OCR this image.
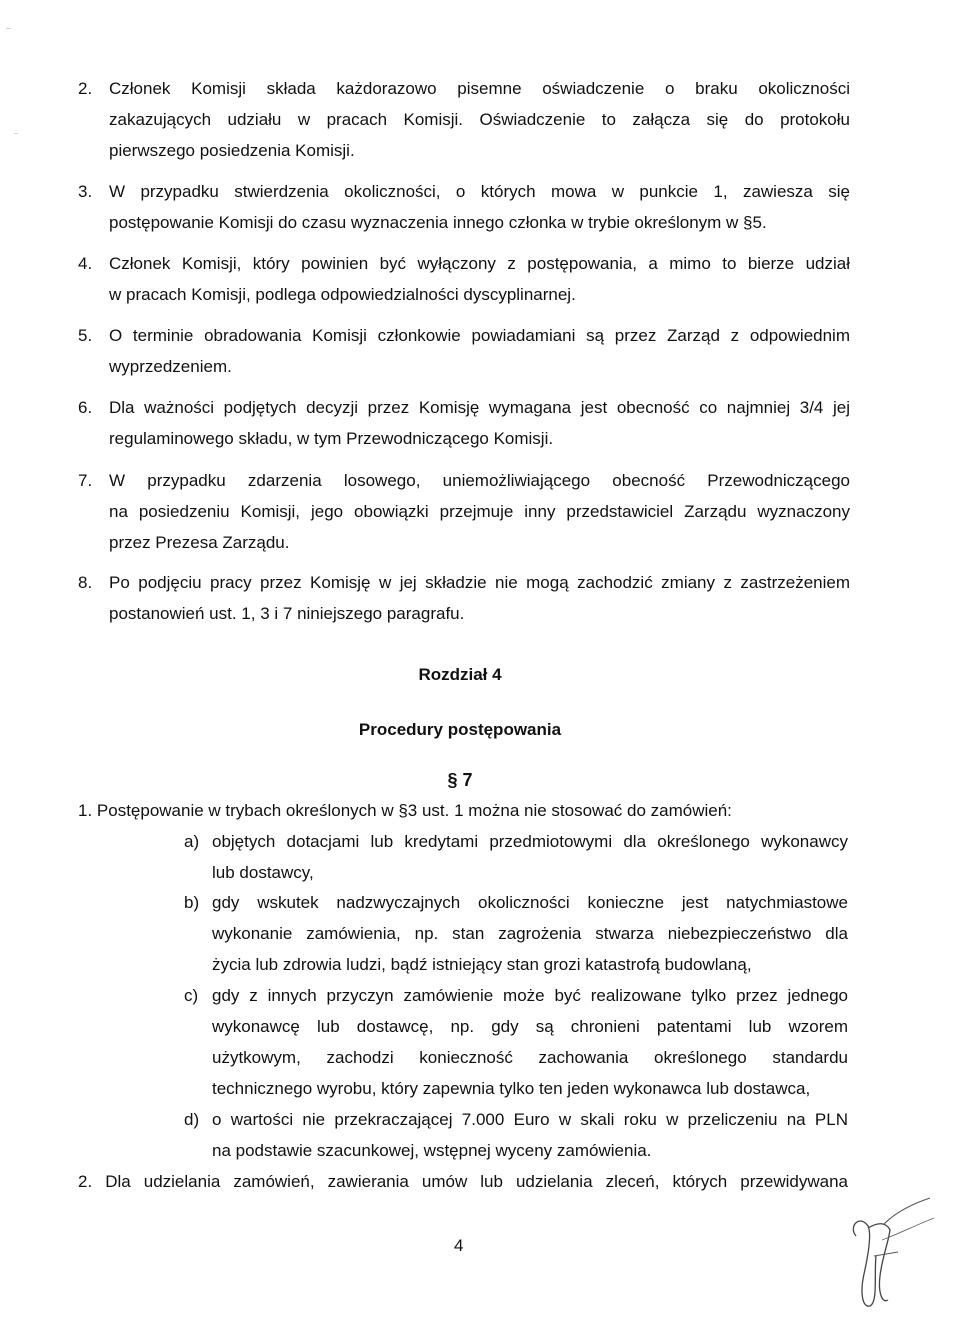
2. Członek Komisji składa każdorazowo pisemne oświadczenie o braku okoliczności
zakazujących udziału w pracach Komisji. Oświadczenie to załącza się do protokołu
pierwszego posiedzenia Komisji.
3. W przypadku stwierdzenia okoliczności, o których mowa w punkcie 1, zawiesza się
postępowanie Komisji do czasu wyznaczenia innego członka w trybie określonym w §5.
4. Członek Komisji, który powinien być wyłączony z postępowania, a mimo to bierze udział
w pracach Komisji, podlega odpowiedzialności dyscyplinarnej.
5. O terminie obradowania Komisji członkowie powiadamiani są przez Zarząd z odpowiednim
wyprzedzeniem.
6. Dla ważności podjętych decyzji przez Komisję wymagana jest obecność co najmniej 3/4 jej
regulaminowego składu, w tym Przewodniczącego Komisji.
7. W przypadku zdarzenia losowego, uniemożliwiającego obecność Przewodniczącego
na posiedzeniu Komisji, jego obowiązki przejmuje inny przedstawiciel Zarządu wyznaczony
przez Prezesa Zarządu.
8. Po podjęciu pracy przez Komisję w jej składzie nie mogą zachodzić zmiany z zastrzeżeniem
postanowień ust. 1, 3 i 7 niniejszego paragrafu.
Rozdział 4
Procedury postępowania
§ 7
1. Postępowanie w trybach określonych w §3 ust. 1 można nie stosować do zamówień:
a) objętych dotacjami lub kredytami przedmiotowymi dla określonego wykonawcy
lub dostawcy,
b) gdy wskutek nadzwyczajnych okoliczności konieczne jest natychmiastowe
wykonanie zamówienia, np. stan zagrożenia stwarza niebezpieczeństwo dla
życia lub zdrowia ludzi, bądź istniejący stan grozi katastrofą budowlaną,
c) gdy z innych przyczyn zamówienie może być realizowane tylko przez jednego
wykonawcę lub dostawcę, np. gdy są chronieni patentami lub wzorem
użytkowym, zachodzi konieczność zachowania określonego standardu
technicznego wyrobu, który zapewnia tylko ten jeden wykonawca lub dostawca,
d) o wartości nie przekraczającej 7.000 Euro w skali roku w przeliczeniu na PLN
na podstawie szacunkowej, wstępnej wyceny zamówienia.
2. Dla udzielania zamówień, zawierania umów lub udzielania zleceń, których przewidywana
4
